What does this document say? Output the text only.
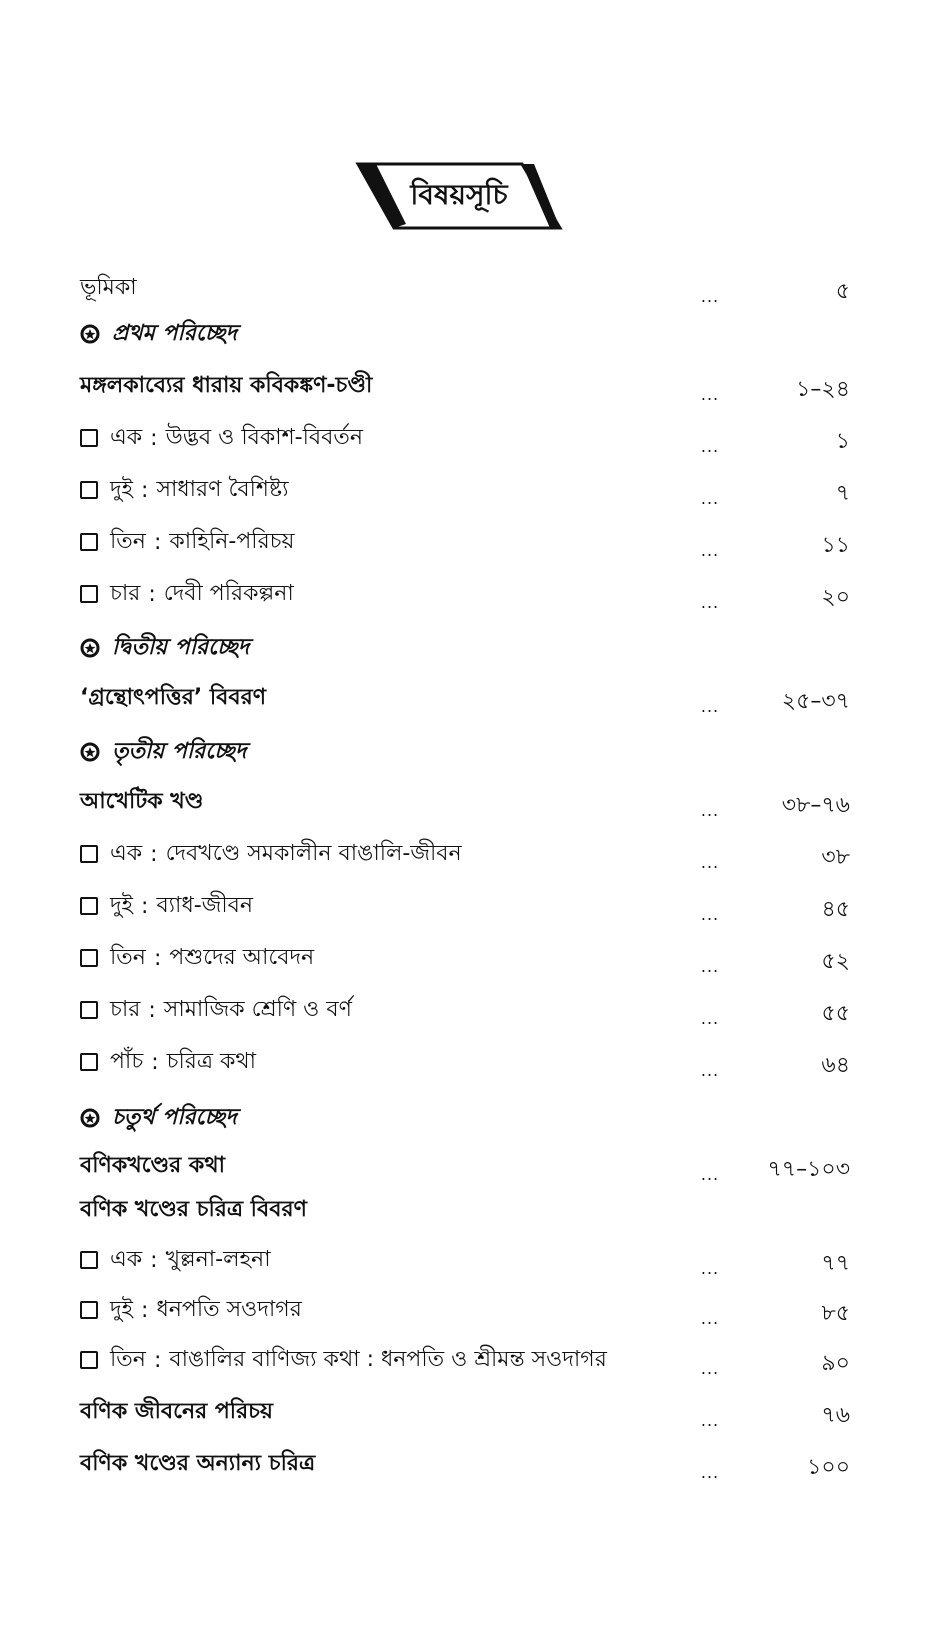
বিষয়সূচি
ভূমিকা	...	৫
প্রথম পরিচ্ছেদ
মঙ্গলকাব্যের ধারায় কবিকঙ্কণ-চণ্ডী	...	১–২৪
এক : উদ্ভব ও বিকাশ-বিবর্তন	...	১
দুই : সাধারণ বৈশিষ্ট্য	...	৭
তিন : কাহিনি-পরিচয়	...	১১
চার : দেবী পরিকল্পনা	...	২০
দ্বিতীয় পরিচ্ছেদ
‘গ্রন্থোৎপত্তির’ বিবরণ	...	২৫–৩৭
তৃতীয় পরিচ্ছেদ
আখেটিক খণ্ড	...	৩৮–৭৬
এক : দেবখণ্ডে সমকালীন বাঙালি-জীবন	...	৩৮
দুই : ব্যাধ-জীবন	...	৪৫
তিন : পশুদের আবেদন	...	৫২
চার : সামাজিক শ্রেণি ও বর্ণ	...	৫৫
পাঁচ : চরিত্র কথা	...	৬৪
চতুর্থ পরিচ্ছেদ
বণিকখণ্ডের কথা	...	৭৭–১০৩
বণিক খণ্ডের চরিত্র বিবরণ
এক : খুল্লনা-লহনা	...	৭৭
দুই : ধনপতি সওদাগর	...	৮৫
তিন : বাঙালির বাণিজ্য কথা : ধনপতি ও শ্রীমন্ত সওদাগর	...	৯০
বণিক জীবনের পরিচয়	...	৭৬
বণিক খণ্ডের অন্যান্য চরিত্র	...	১০০
